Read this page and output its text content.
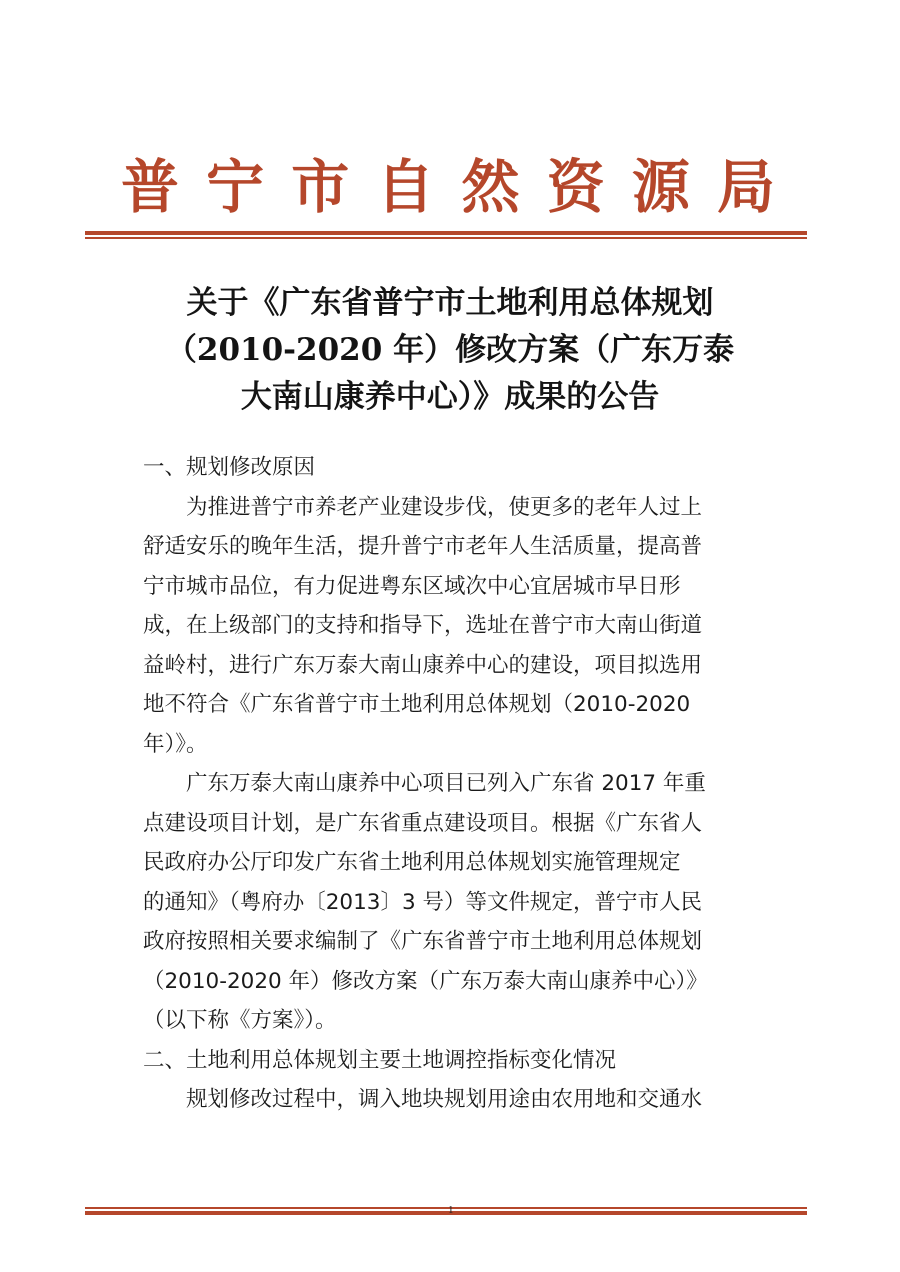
普 宁 市 自 然 资 源 局
关于《广东省普宁市土地利用总体规划
（2010-2020 年）修改方案（广东万泰
大南山康养中心）》成果的公告
一、规划修改原因
为推进普宁市养老产业建设步伐，使更多的老年人过上
舒适安乐的晚年生活，提升普宁市老年人生活质量，提高普
宁市城市品位，有力促进粤东区域次中心宜居城市早日形
成，在上级部门的支持和指导下，选址在普宁市大南山街道
益岭村，进行广东万泰大南山康养中心的建设，项目拟选用
地不符合《广东省普宁市土地利用总体规划（2010-2020
年）》。
广东万泰大南山康养中心项目已列入广东省 2017 年重
点建设项目计划，是广东省重点建设项目。根据《广东省人
民政府办公厅印发广东省土地利用总体规划实施管理规定
的通知》（粤府办〔2013〕3 号）等文件规定，普宁市人民
政府按照相关要求编制了《广东省普宁市土地利用总体规划
（2010-2020 年）修改方案（广东万泰大南山康养中心）》
（以下称《方案》）。
二、土地利用总体规划主要土地调控指标变化情况
规划修改过程中，调入地块规划用途由农用地和交通水
1
